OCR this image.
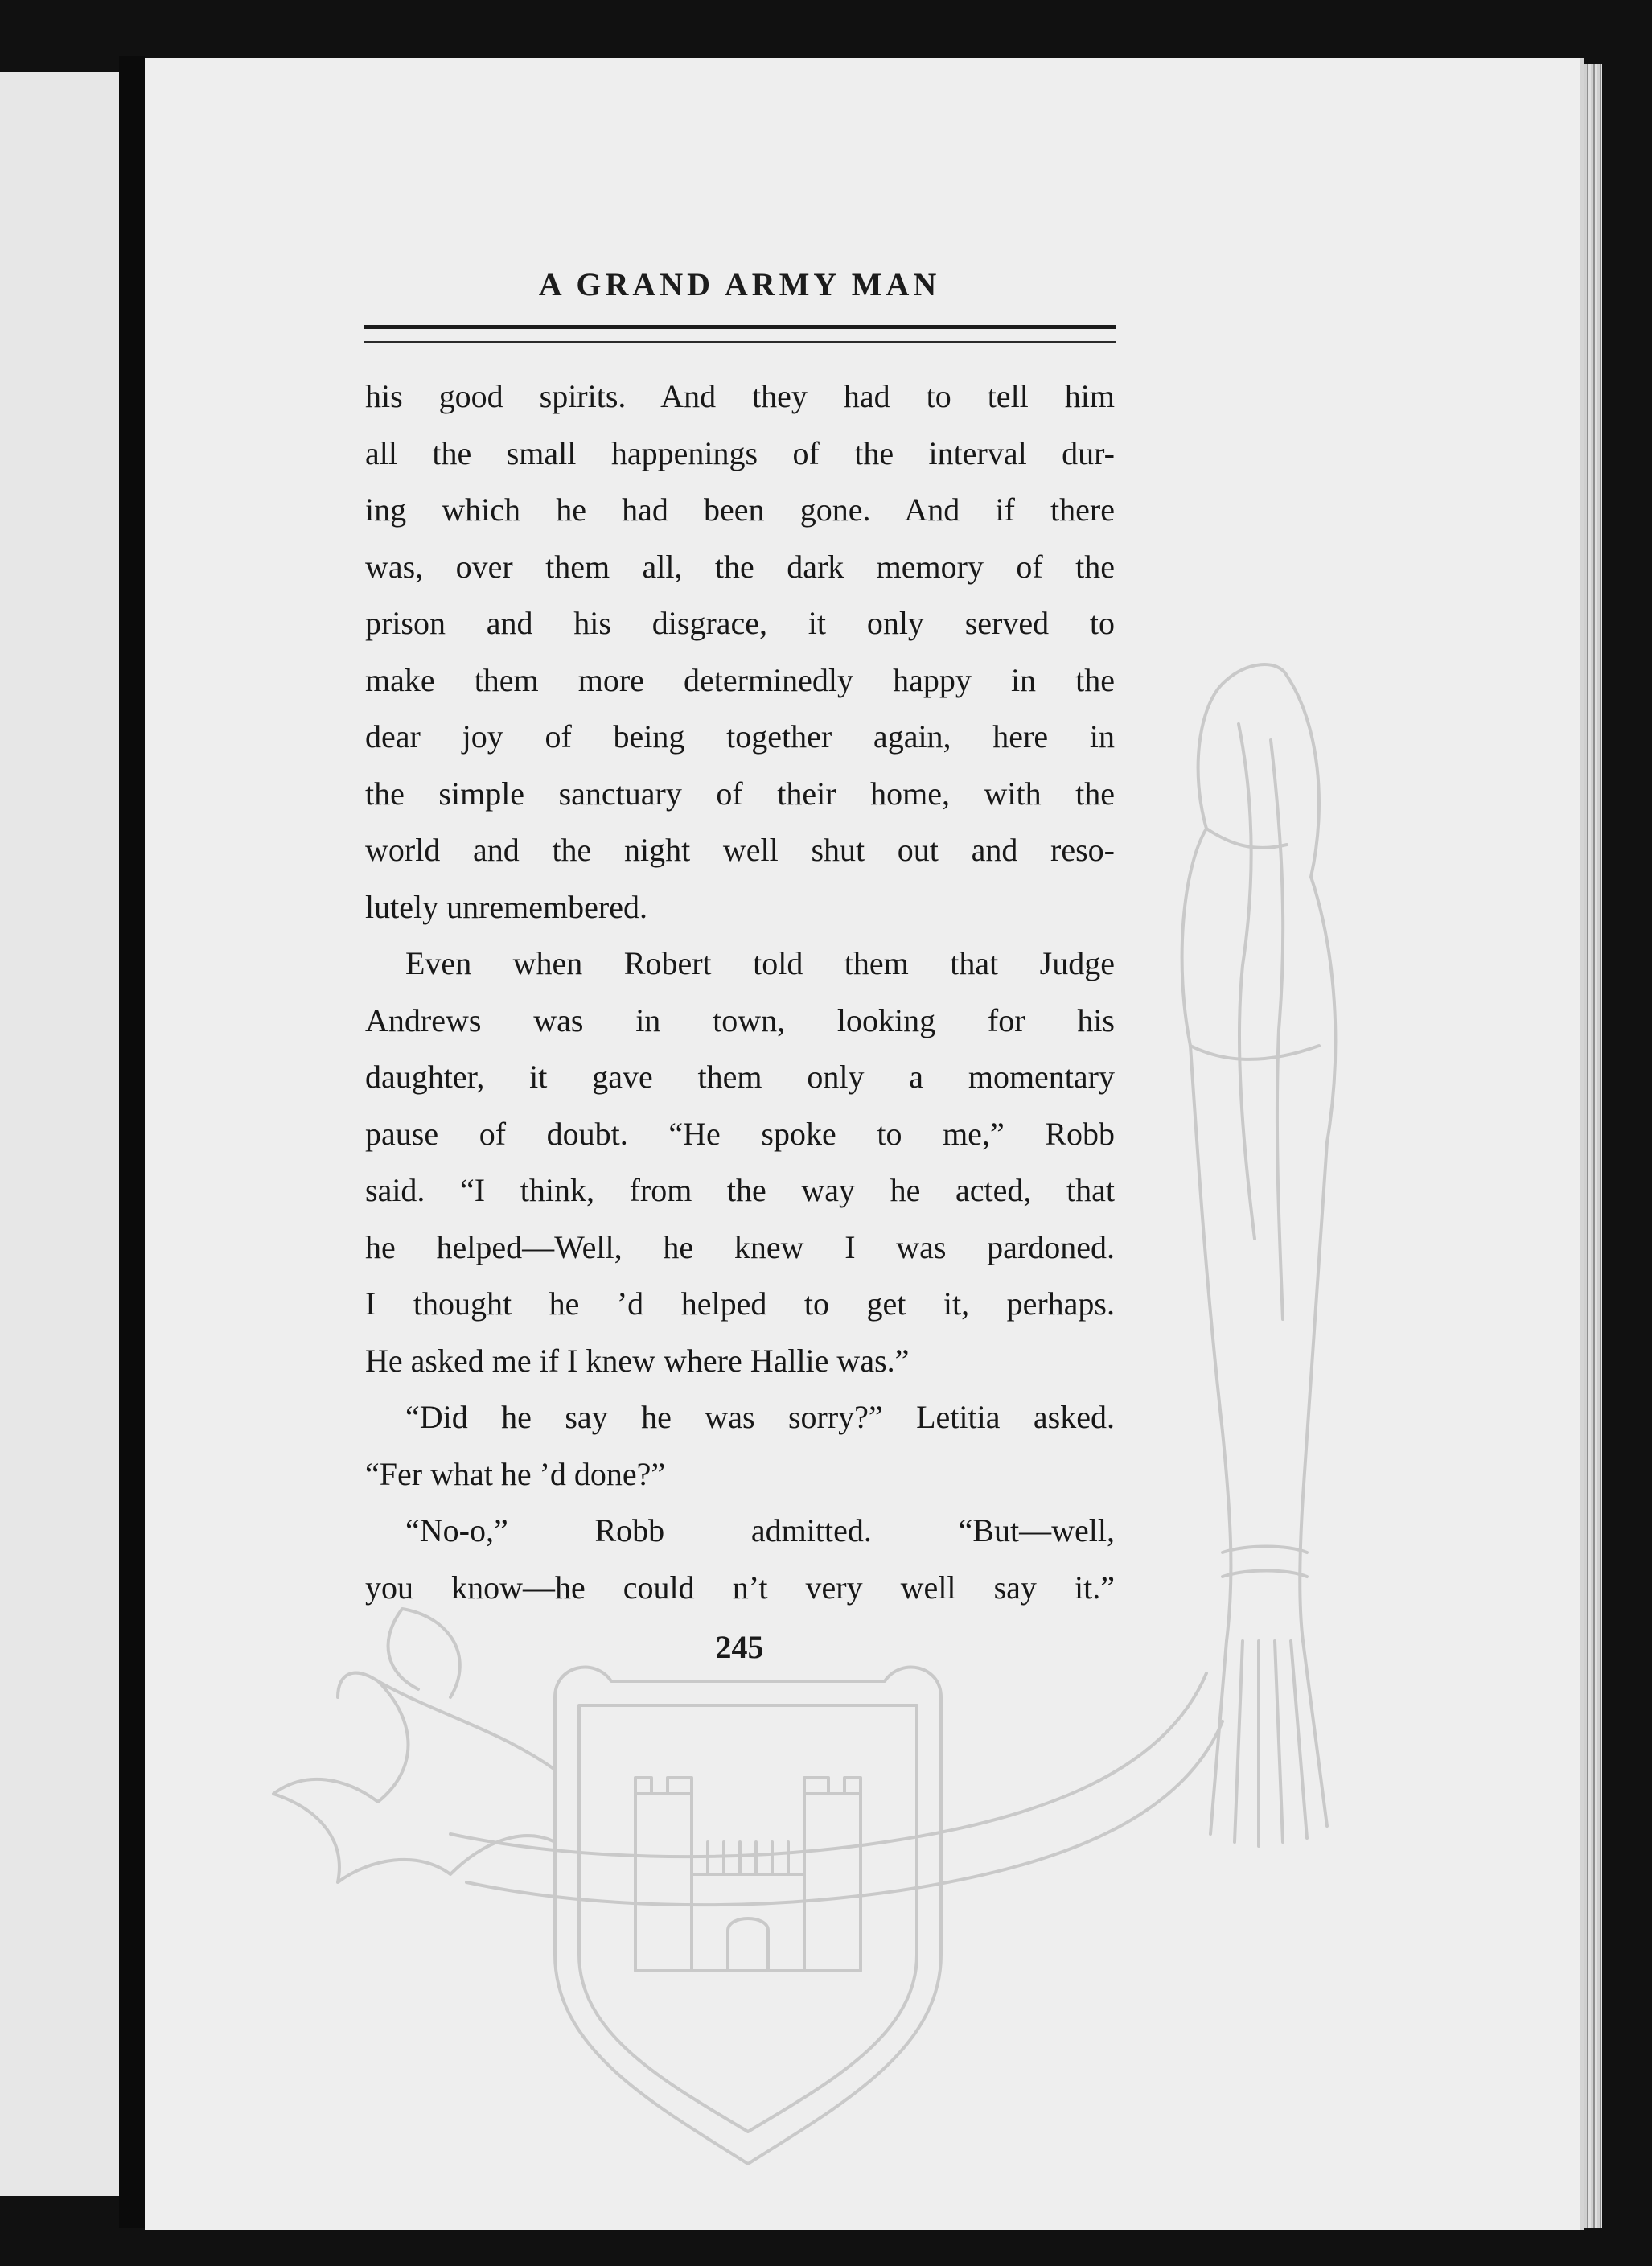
A GRAND ARMY MAN
his good spirits. And they had to tell him
all the small happenings of the interval dur-
ing which he had been gone. And if there
was, over them all, the dark memory of the
prison and his disgrace, it only served to
make them more determinedly happy in the
dear joy of being together again, here in
the simple sanctuary of their home, with the
world and the night well shut out and reso-
lutely unremembered.
Even when Robert told them that Judge
Andrews was in town, looking for his
daughter, it gave them only a momentary
pause of doubt. “He spoke to me,” Robb
said. “I think, from the way he acted, that
he helped—Well, he knew I was pardoned.
I thought he ’d helped to get it, perhaps.
He asked me if I knew where Hallie was.”
“Did he say he was sorry?” Letitia asked.
“Fer what he ’d done?”
“No-o,” Robb admitted. “But—well,
you know—he could n’t very well say it.”
245
